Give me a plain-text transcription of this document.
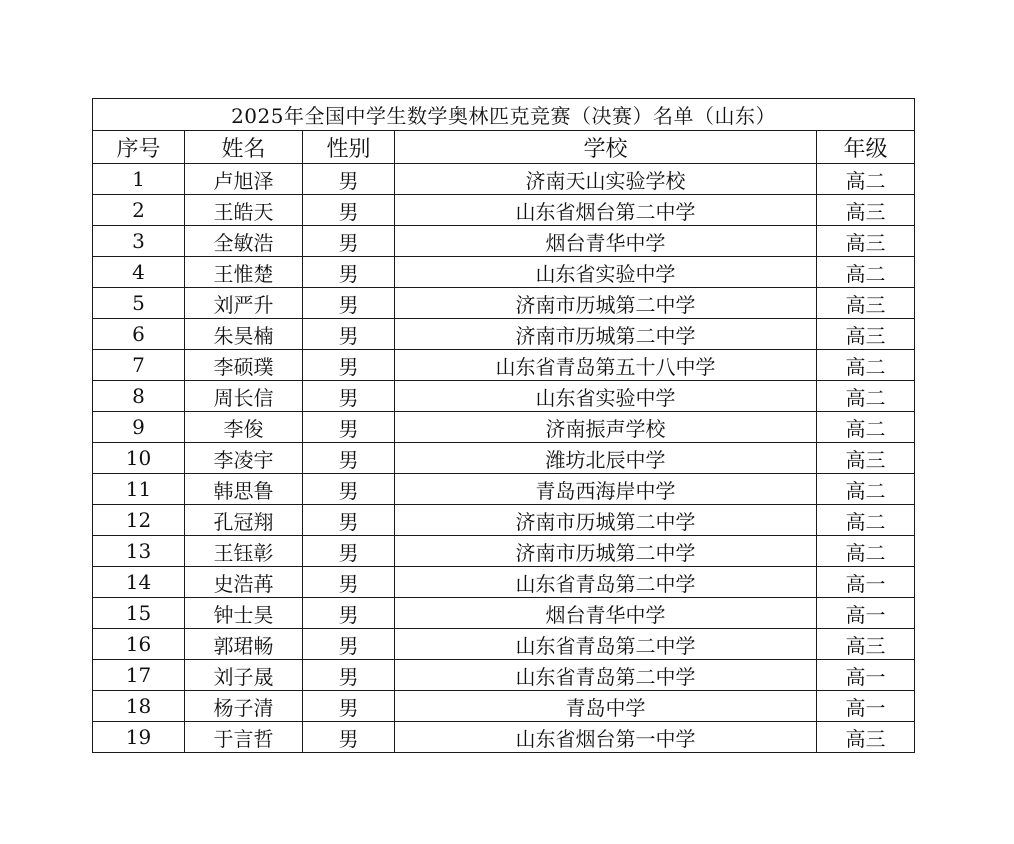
2025年全国中学生数学奥林匹克竞赛（决赛）名单（山东）				
序号	姓名	性别	学校	年级
1	卢旭泽	男	济南天山实验学校	高二
2	王皓天	男	山东省烟台第二中学	高三
3	全敏浩	男	烟台青华中学	高三
4	王惟楚	男	山东省实验中学	高二
5	刘严升	男	济南市历城第二中学	高三
6	朱昊楠	男	济南市历城第二中学	高三
7	李硕璞	男	山东省青岛第五十八中学	高二
8	周长信	男	山东省实验中学	高二
9	李俊	男	济南振声学校	高二
10	李凌宇	男	潍坊北辰中学	高三
11	韩思鲁	男	青岛西海岸中学	高二
12	孔冠翔	男	济南市历城第二中学	高二
13	王钰彰	男	济南市历城第二中学	高二
14	史浩苒	男	山东省青岛第二中学	高一
15	钟士昊	男	烟台青华中学	高一
16	郭珺畅	男	山东省青岛第二中学	高三
17	刘子晟	男	山东省青岛第二中学	高一
18	杨子清	男	青岛中学	高一
19	于言哲	男	山东省烟台第一中学	高三
